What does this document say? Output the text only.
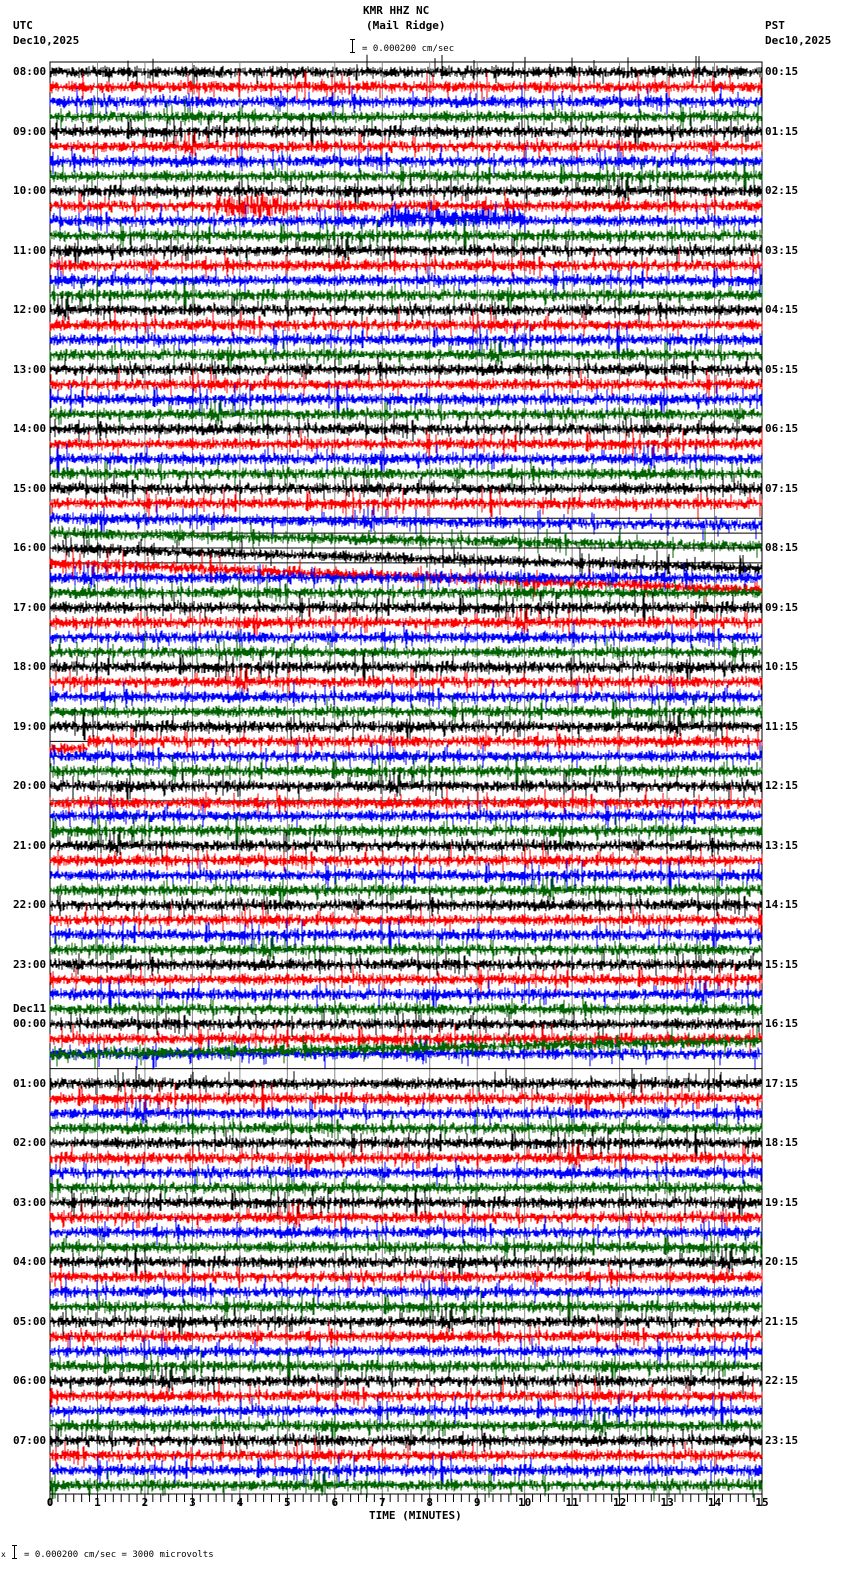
KMR HHZ NC
(Mail Ridge)
UTC
Dec10,2025
PST
Dec10,2025
= 0.000200 cm/sec
08:00
09:00
10:00
11:00
12:00
13:00
14:00
15:00
16:00
17:00
18:00
19:00
20:00
21:00
22:00
23:00
00:00
Dec11
01:00
02:00
03:00
04:00
05:00
06:00
07:00
00:15
01:15
02:15
03:15
04:15
05:15
06:15
07:15
08:15
09:15
10:15
11:15
12:15
13:15
14:15
15:15
16:15
17:15
18:15
19:15
20:15
21:15
22:15
23:15
0	1	2	3	4	5	6	7	8	9	10	11	12	13	14	15
TIME (MINUTES)
x = 0.000200 cm/sec = 3000 microvolts
